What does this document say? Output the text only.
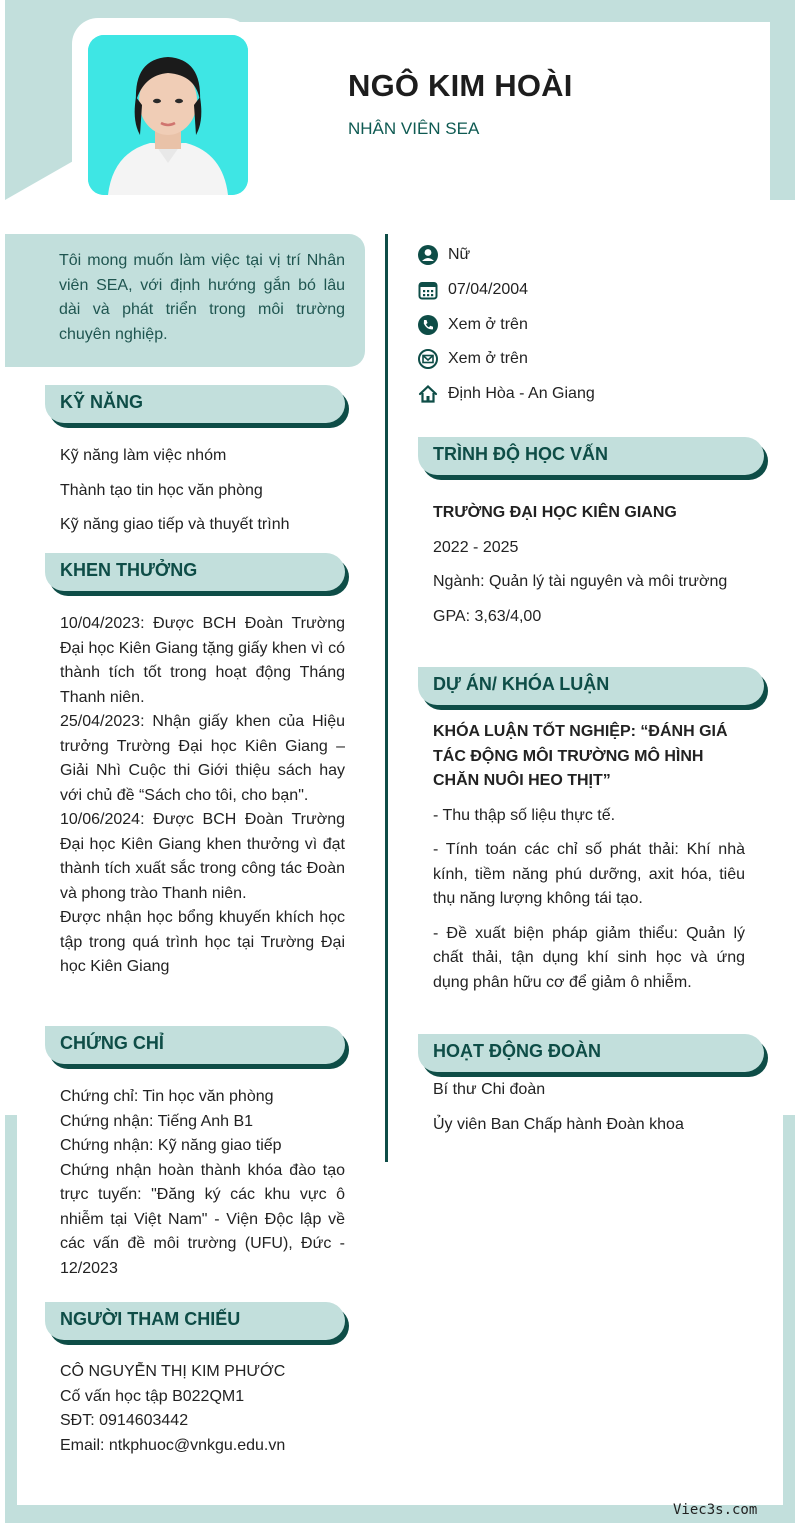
NGÔ KIM HOÀI
NHÂN VIÊN SEA
Tôi mong muốn làm việc tại vị trí Nhân viên SEA, với định hướng gắn bó lâu dài và phát triển trong môi trường chuyên nghiệp.
Nữ
07/04/2004
Xem ở trên
Xem ở trên
Định Hòa - An Giang
KỸ NĂNG
Kỹ năng làm việc nhóm
Thành tạo tin học văn phòng
Kỹ năng giao tiếp và thuyết trình
KHEN THƯỞNG
10/04/2023: Được BCH Đoàn Trường Đại học Kiên Giang tặng giấy khen vì có thành tích tốt trong hoạt động Tháng Thanh niên.
25/04/2023: Nhận giấy khen của Hiệu trưởng Trường Đại học Kiên Giang – Giải Nhì Cuộc thi Giới thiệu sách hay với chủ đề “Sách cho tôi, cho bạn".
10/06/2024: Được BCH Đoàn Trường Đại học Kiên Giang khen thưởng vì đạt thành tích xuất sắc trong công tác Đoàn và phong trào Thanh niên.
Được nhận học bổng khuyến khích học tập trong quá trình học tại Trường Đại học Kiên Giang
CHỨNG CHỈ
Chứng chỉ: Tin học văn phòng
Chứng nhận: Tiếng Anh B1
Chứng nhận: Kỹ năng giao tiếp
Chứng nhận hoàn thành khóa đào tạo trực tuyến: "Đăng ký các khu vực ô nhiễm tại Việt Nam" - Viện Độc lập về các vấn đề môi trường (UFU), Đức - 12/2023
NGƯỜI THAM CHIẾU
CÔ NGUYỄN THỊ KIM PHƯỚC
Cố vấn học tập B022QM1
SĐT: 0914603442
Email: ntkphuoc@vnkgu.edu.vn
TRÌNH ĐỘ HỌC VẤN
TRƯỜNG ĐẠI HỌC KIÊN GIANG
2022 - 2025
Ngành: Quản lý tài nguyên và môi trường
GPA: 3,63/4,00
DỰ ÁN/ KHÓA LUẬN
KHÓA LUẬN TỐT NGHIỆP: “ĐÁNH GIÁ TÁC ĐỘNG MÔI TRƯỜNG MÔ HÌNH CHĂN NUÔI HEO THỊT”
- Thu thập số liệu thực tế.
- Tính toán các chỉ số phát thải: Khí nhà kính, tiềm năng phú dưỡng, axit hóa, tiêu thụ năng lượng không tái tạo.
- Đề xuất biện pháp giảm thiểu: Quản lý chất thải, tận dụng khí sinh học và ứng dụng phân hữu cơ để giảm ô nhiễm.
HOẠT ĐỘNG ĐOÀN
Bí thư Chi đoàn
Ủy viên Ban Chấp hành Đoàn khoa
Viec3s.com
